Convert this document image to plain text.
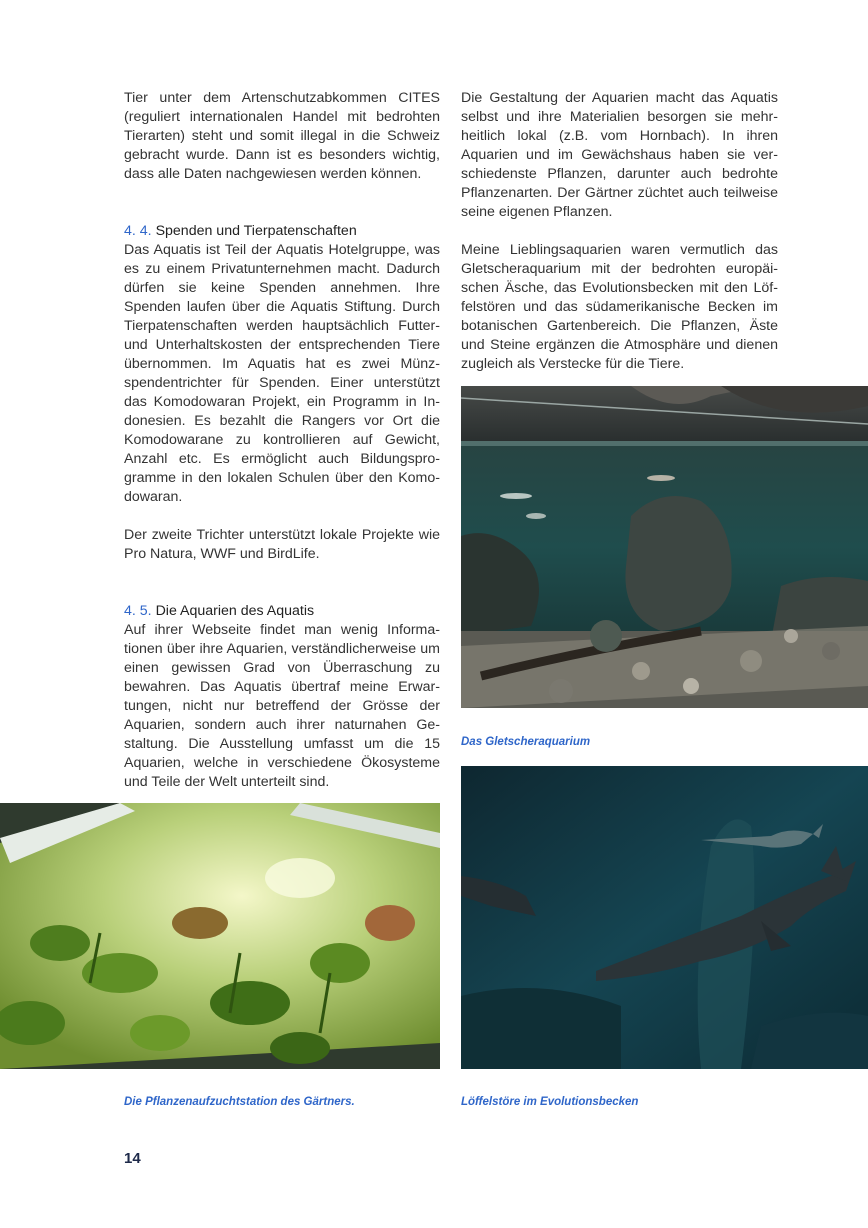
Tier unter dem Artenschutzabkommen CITES (reguliert internationalen Handel mit bedrohten Tierarten) steht und somit illegal in die Schweiz gebracht wurde. Dann ist es besonders wichtig, dass alle Daten nachgewiesen werden können.

4. 4. Spenden und Tierpatenschaften

Das Aquatis ist Teil der Aquatis Hotelgruppe, was es zu einem Privatunternehmen macht. Dadurch dürfen sie keine Spenden annehmen. Ihre Spenden laufen über die Aquatis Stiftung. Durch Tierpatenschaften werden hauptsächlich Futter- und Unterhaltskosten der entsprechenden Tiere übernommen. Im Aquatis hat es zwei Münzspendentrichter für Spenden. Einer unterstützt das Komodowaran Projekt, ein Programm in Indonesien. Es bezahlt die Rangers vor Ort die Komodowarane zu kontrollieren auf Gewicht, Anzahl etc. Es ermöglicht auch Bildungsprogramme in den lokalen Schulen über den Komodowaran.

Der zweite Trichter unterstützt lokale Projekte wie Pro Natura, WWF und BirdLife.

4. 5. Die Aquarien des Aquatis

Auf ihrer Webseite findet man wenig Informationen über ihre Aquarien, verständlicherweise um einen gewissen Grad von Überraschung zu bewahren. Das Aquatis übertraf meine Erwartungen, nicht nur betreffend der Grösse der Aquarien, sondern auch ihrer naturnahen Gestaltung. Die Ausstellung umfasst um die 15 Aquarien, welche in verschiedene Ökosysteme und Teile der Welt unterteilt sind.

Die Gestaltung der Aquarien macht das Aquatis selbst und ihre Materialien besorgen sie mehrheitlich lokal (z.B. vom Hornbach). In ihren Aquarien und im Gewächshaus haben sie verschiedenste Pflanzen, darunter auch bedrohte Pflanzenarten. Der Gärtner züchtet auch teilweise seine eigenen Pflanzen.

Meine Lieblingsaquarien waren vermutlich das Gletscheraquarium mit der bedrohten europäischen Äsche, das Evolutionsbecken mit den Löffelstören und das südamerikanische Becken im botanischen Gartenbereich. Die Pflanzen, Äste und Steine ergänzen die Atmosphäre und dienen zugleich als Verstecke für die Tiere.

Das Gletscheraquarium
Die Pflanzenaufzuchtstation des Gärtners.	Löffelstöre im Evolutionsbecken
14
